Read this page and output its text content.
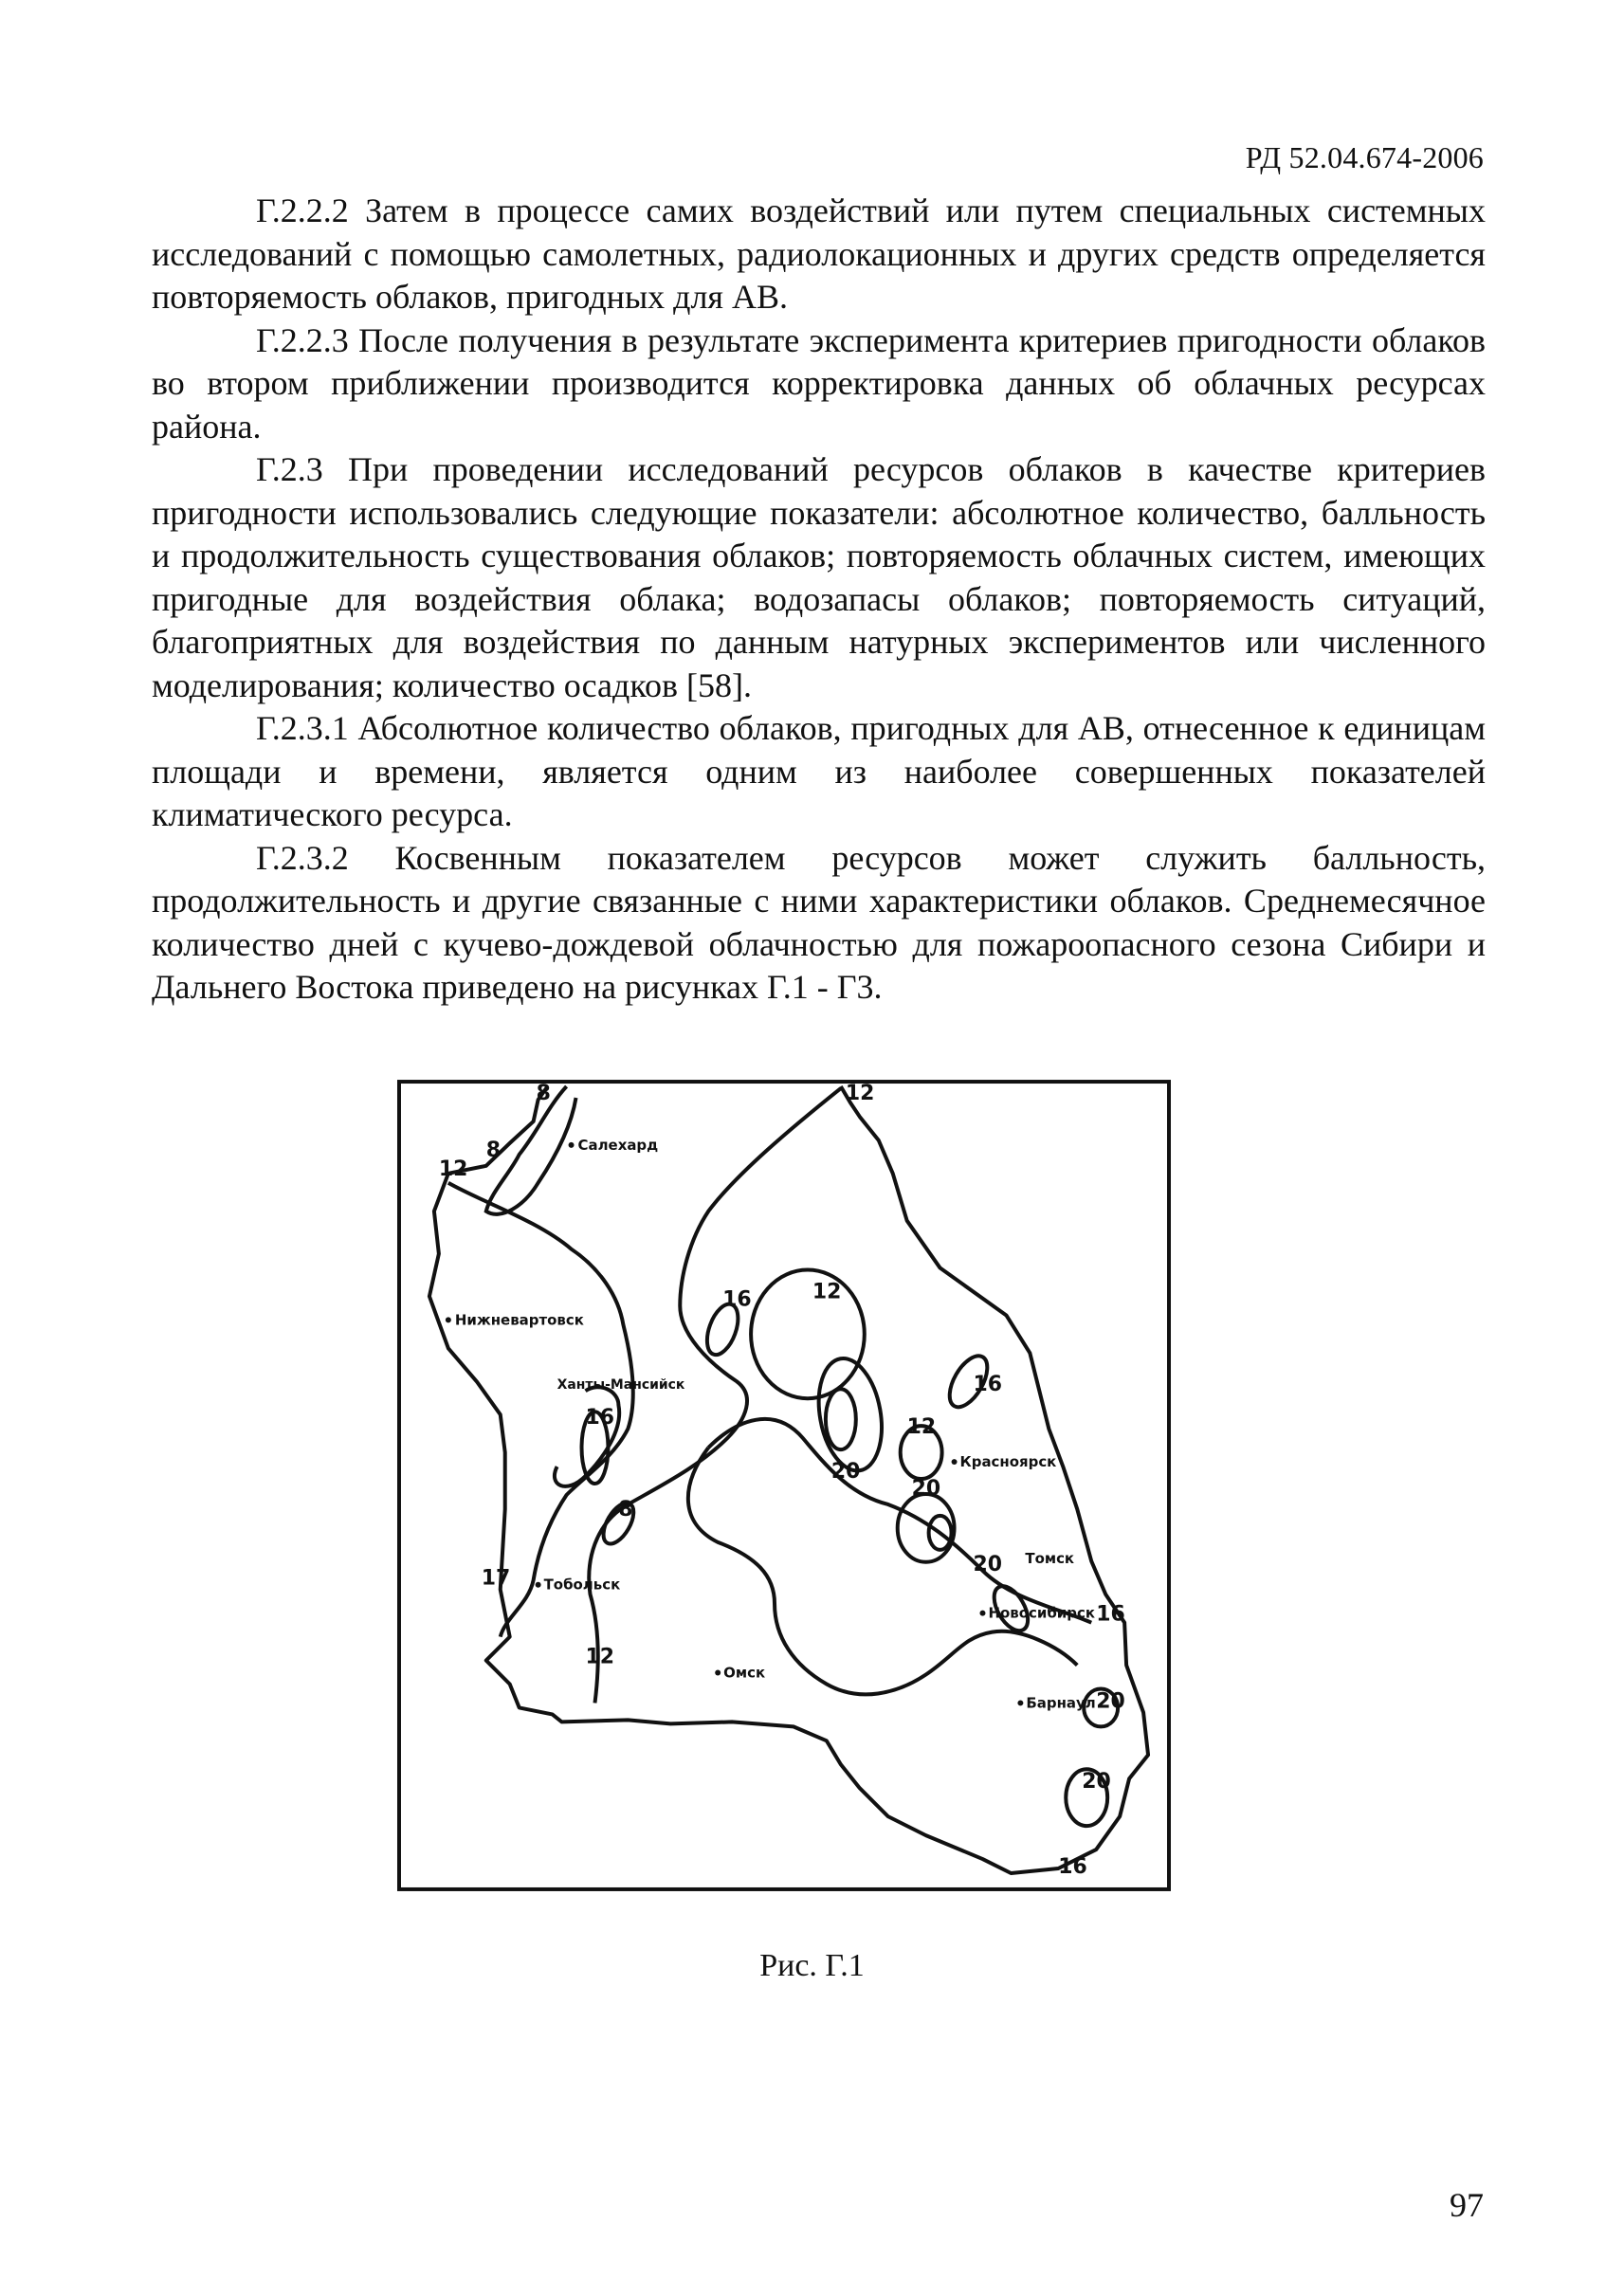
РД 52.04.674-2006

Г.2.2.2 Затем в процессе самих воздействий или путем специальных системных исследований с помощью самолетных, радиолокационных и других средств определяется повторяемость облаков, пригодных для АВ.

Г.2.2.3 После получения в результате эксперимента критериев пригодности облаков во втором приближении производится корректировка данных об облачных ресурсах района.

Г.2.3 При проведении исследований ресурсов облаков в качестве критериев пригодности использовались следующие показатели: абсолютное количество, балльность и продолжительность существования облаков; повторяемость облачных систем, имеющих пригодные для воздействия облака; водозапасы облаков; повторяемость ситуаций, благоприятных для воздействия по данным натурных экспериментов или численного моделирования; количество осадков [58].

Г.2.3.1 Абсолютное количество облаков, пригодных для АВ, отнесенное к единицам площади и времени, является одним из наиболее совершенных показателей климатического ресурса.

Г.2.3.2 Косвенным показателем ресурсов может служить балльность, продолжительность и другие связанные с ними характеристики облаков. Среднемесячное количество дней с кучево-дождевой облачностью для пожароопасного сезона Сибири и Дальнего Востока приведено на рисунках Г.1 - Г3.

8
8
12
12
16	12
16
16
12
20
8
17
12
20
20
16
20
20
16
Салехард
Нижневартовск
Ханты-Мансийск
Тобольск
Красноярск
Томск
Новосибирск
Омск
Барнаул
Рис. Г.1
97
